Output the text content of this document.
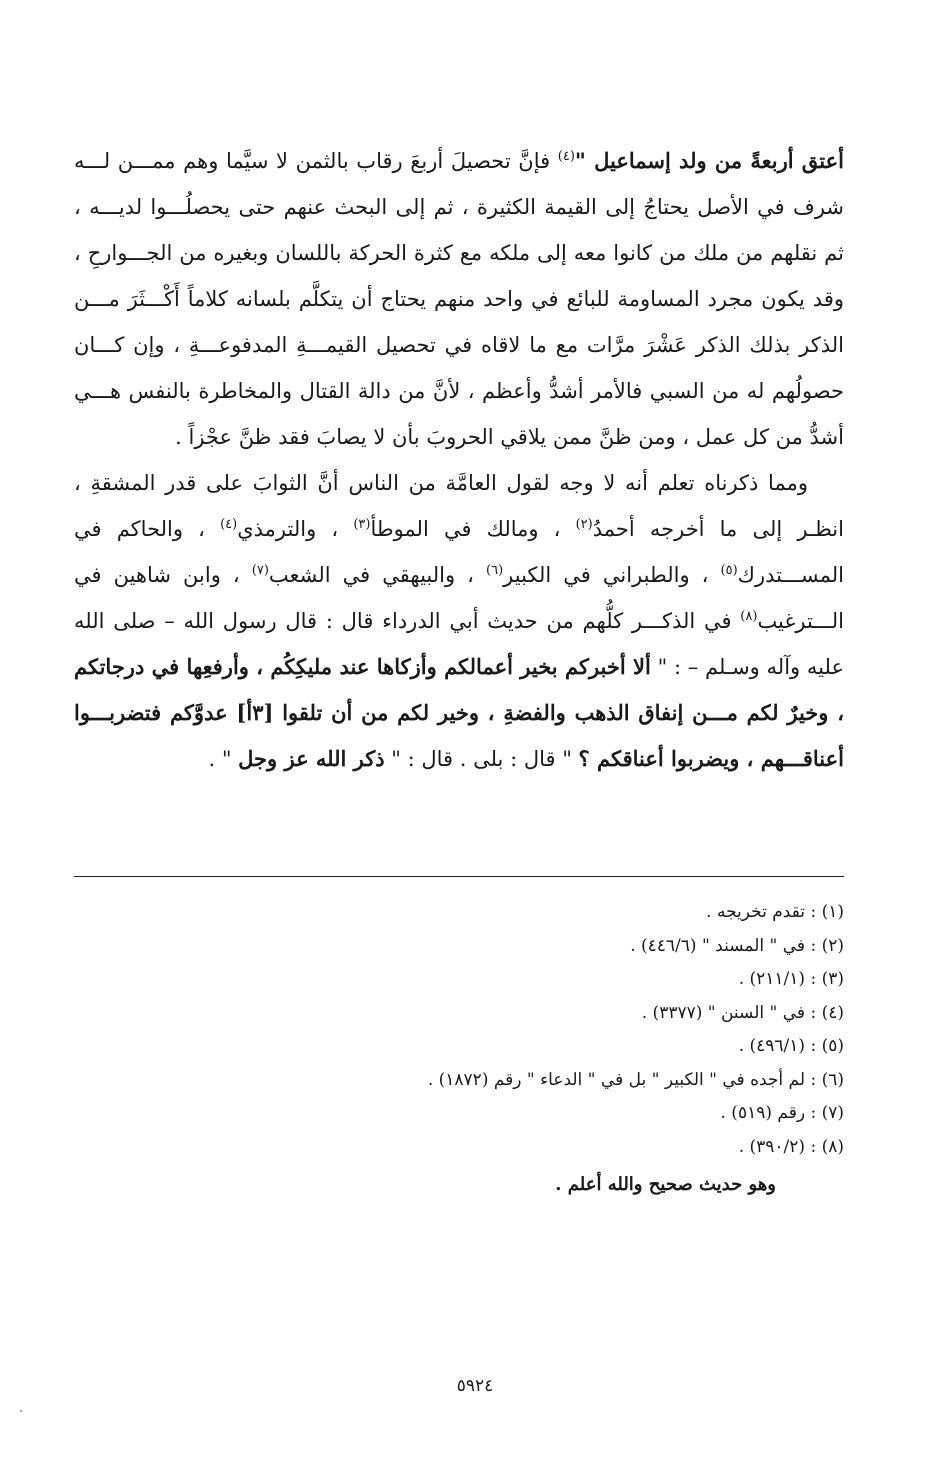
أعتق أربعةً من ولد إسماعيل "$^{(٤)}$ فإنَّ تحصيلَ أربعَ رقاب بالثمن لا سيَّما وهم ممـــن لـــه شرف في الأصل يحتاجُ إلى القيمة الكثيرة ، ثم إلى البحث عنهم حتى يحصلُـــوا لديـــه ، ثم نقلهم من ملك من كانوا معه إلى ملكه مع كثرة الحركة باللسان وبغيره من الجـــوارحِ ، وقد يكون مجرد المساومة للبائع في واحد منهم يحتاج أن يتكلَّم بلسانه كلاماً أَكْـــثَرَ مـــن الذكر بذلك الذكر عَشْرَ مرَّات مع ما لاقاه في تحصيل القيمـــةِ المدفوعـــةِ ، وإن كـــان حصولُهم له من السبي فالأمر أشدُّ وأعظم ، لأنَّ من دالة القتال والمخاطرة بالنفس هـــي أشدُّ من كل عمل ، ومن ظنَّ ممن يلاقي الحروبَ بأن لا يصابَ فقد ظنَّ عجْزاً .

ومما ذكرناه تعلم أنه لا وجه لقول العامَّة من الناس أنَّ الثوابَ على قدر المشقةِ ، انظـر إلى ما أخرجه أحمدُ$^{(٢)}$ ، ومالك في الموطأ$^{(٣)}$ ، والترمذي$^{(٤)}$ ، والحاكم في المســـتدرك$^{(٥)}$ ، والطبراني في الكبير$^{(٦)}$ ، والبيهقي في الشعب$^{(٧)}$ ، وابن شاهين في الـــترغيب$^{(٨)}$ في الذكـــر كلُّهم من حديث أبي الدرداء قال : قال رسول الله – صلى الله عليه وآله وسـلم – : " ألا أخبركم بخير أعمالكم وأزكاها عند مليكِكُم ، وأرفعِها في درجاتكم ، وخيرٌ لكم مـــن إنفاق الذهب والفضةِ ، وخير لكم من أن تلقوا [٣أ] عدوَّكم فتضربـــوا أعناقـــهم ، ويضربوا أعناقكم ؟ " قال : بلى . قال : " ذكر الله عز وجل " .

(١) : تقدم تخريجه .

(٢) : في " المسند " (٤٤٦/٦) .

(٣) : (٢١١/١) .

(٤) : في " السنن " (٣٣٧٧) .

(٥) : (٤٩٦/١) .

(٦) : لم أجده في " الكبير " بل في " الدعاء " رقم (١٨٧٢) .

(٧) : رقم (٥١٩) .

(٨) : (٣٩٠/٢) .

وهو حديث صحيح والله أعلم .

٥٩٢٤
